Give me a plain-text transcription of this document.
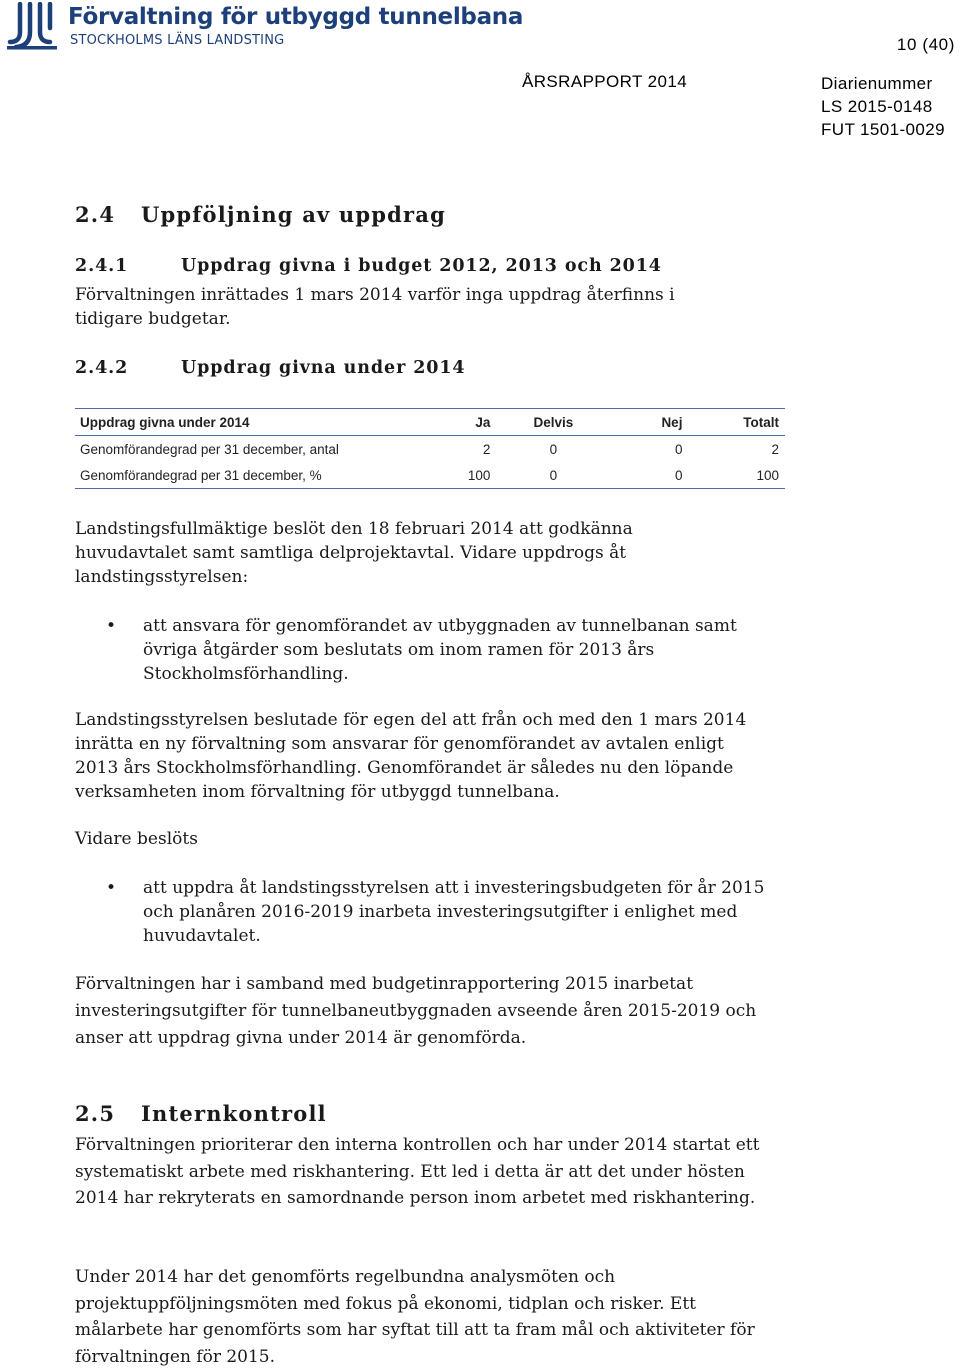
Förvaltning för utbyggd tunnelbana
STOCKHOLMS LÄNS LANDSTING	10 (40)
ÅRSRAPPORT 2014	Diarienummer
LS 2015-0148
FUT 1501-0029
2.4 Uppföljning av uppdrag
2.4.1	Uppdrag givna i budget 2012, 2013 och 2014
Förvaltningen inrättades 1 mars 2014 varför inga uppdrag återfinns i tidigare budgetar.
2.4.2	Uppdrag givna under 2014
Uppdrag givna under 2014	Ja	Delvis	Nej	Totalt
Genomförandegrad per 31 december, antal	2	0	0	2
Genomförandegrad per 31 december, %	100	0	0	100
Landstingsfullmäktige beslöt den 18 februari 2014 att godkänna huvudavtalet samt samtliga delprojektavtal. Vidare uppdrogs åt landstingsstyrelsen:
• att ansvara för genomförandet av utbyggnaden av tunnelbanan samt övriga åtgärder som beslutats om inom ramen för 2013 års Stockholmsförhandling.
Landstingsstyrelsen beslutade för egen del att från och med den 1 mars 2014 inrätta en ny förvaltning som ansvarar för genomförandet av avtalen enligt 2013 års Stockholmsförhandling. Genomförandet är således nu den löpande verksamheten inom förvaltning för utbyggd tunnelbana.
Vidare beslöts
• att uppdra åt landstingsstyrelsen att i investeringsbudgeten för år 2015 och planåren 2016-2019 inarbeta investeringsutgifter i enlighet med huvudavtalet.
Förvaltningen har i samband med budgetinrapportering 2015 inarbetat investeringsutgifter för tunnelbaneutbyggnaden avseende åren 2015-2019 och anser att uppdrag givna under 2014 är genomförda.
2.5 Internkontroll
Förvaltningen prioriterar den interna kontrollen och har under 2014 startat ett systematiskt arbete med riskhantering. Ett led i detta är att det under hösten 2014 har rekryterats en samordnande person inom arbetet med riskhantering.
Under 2014 har det genomförts regelbundna analysmöten och projektuppföljningsmöten med fokus på ekonomi, tidplan och risker. Ett målarbete har genomförts som har syftat till att ta fram mål och aktiviteter för förvaltningen för 2015.
